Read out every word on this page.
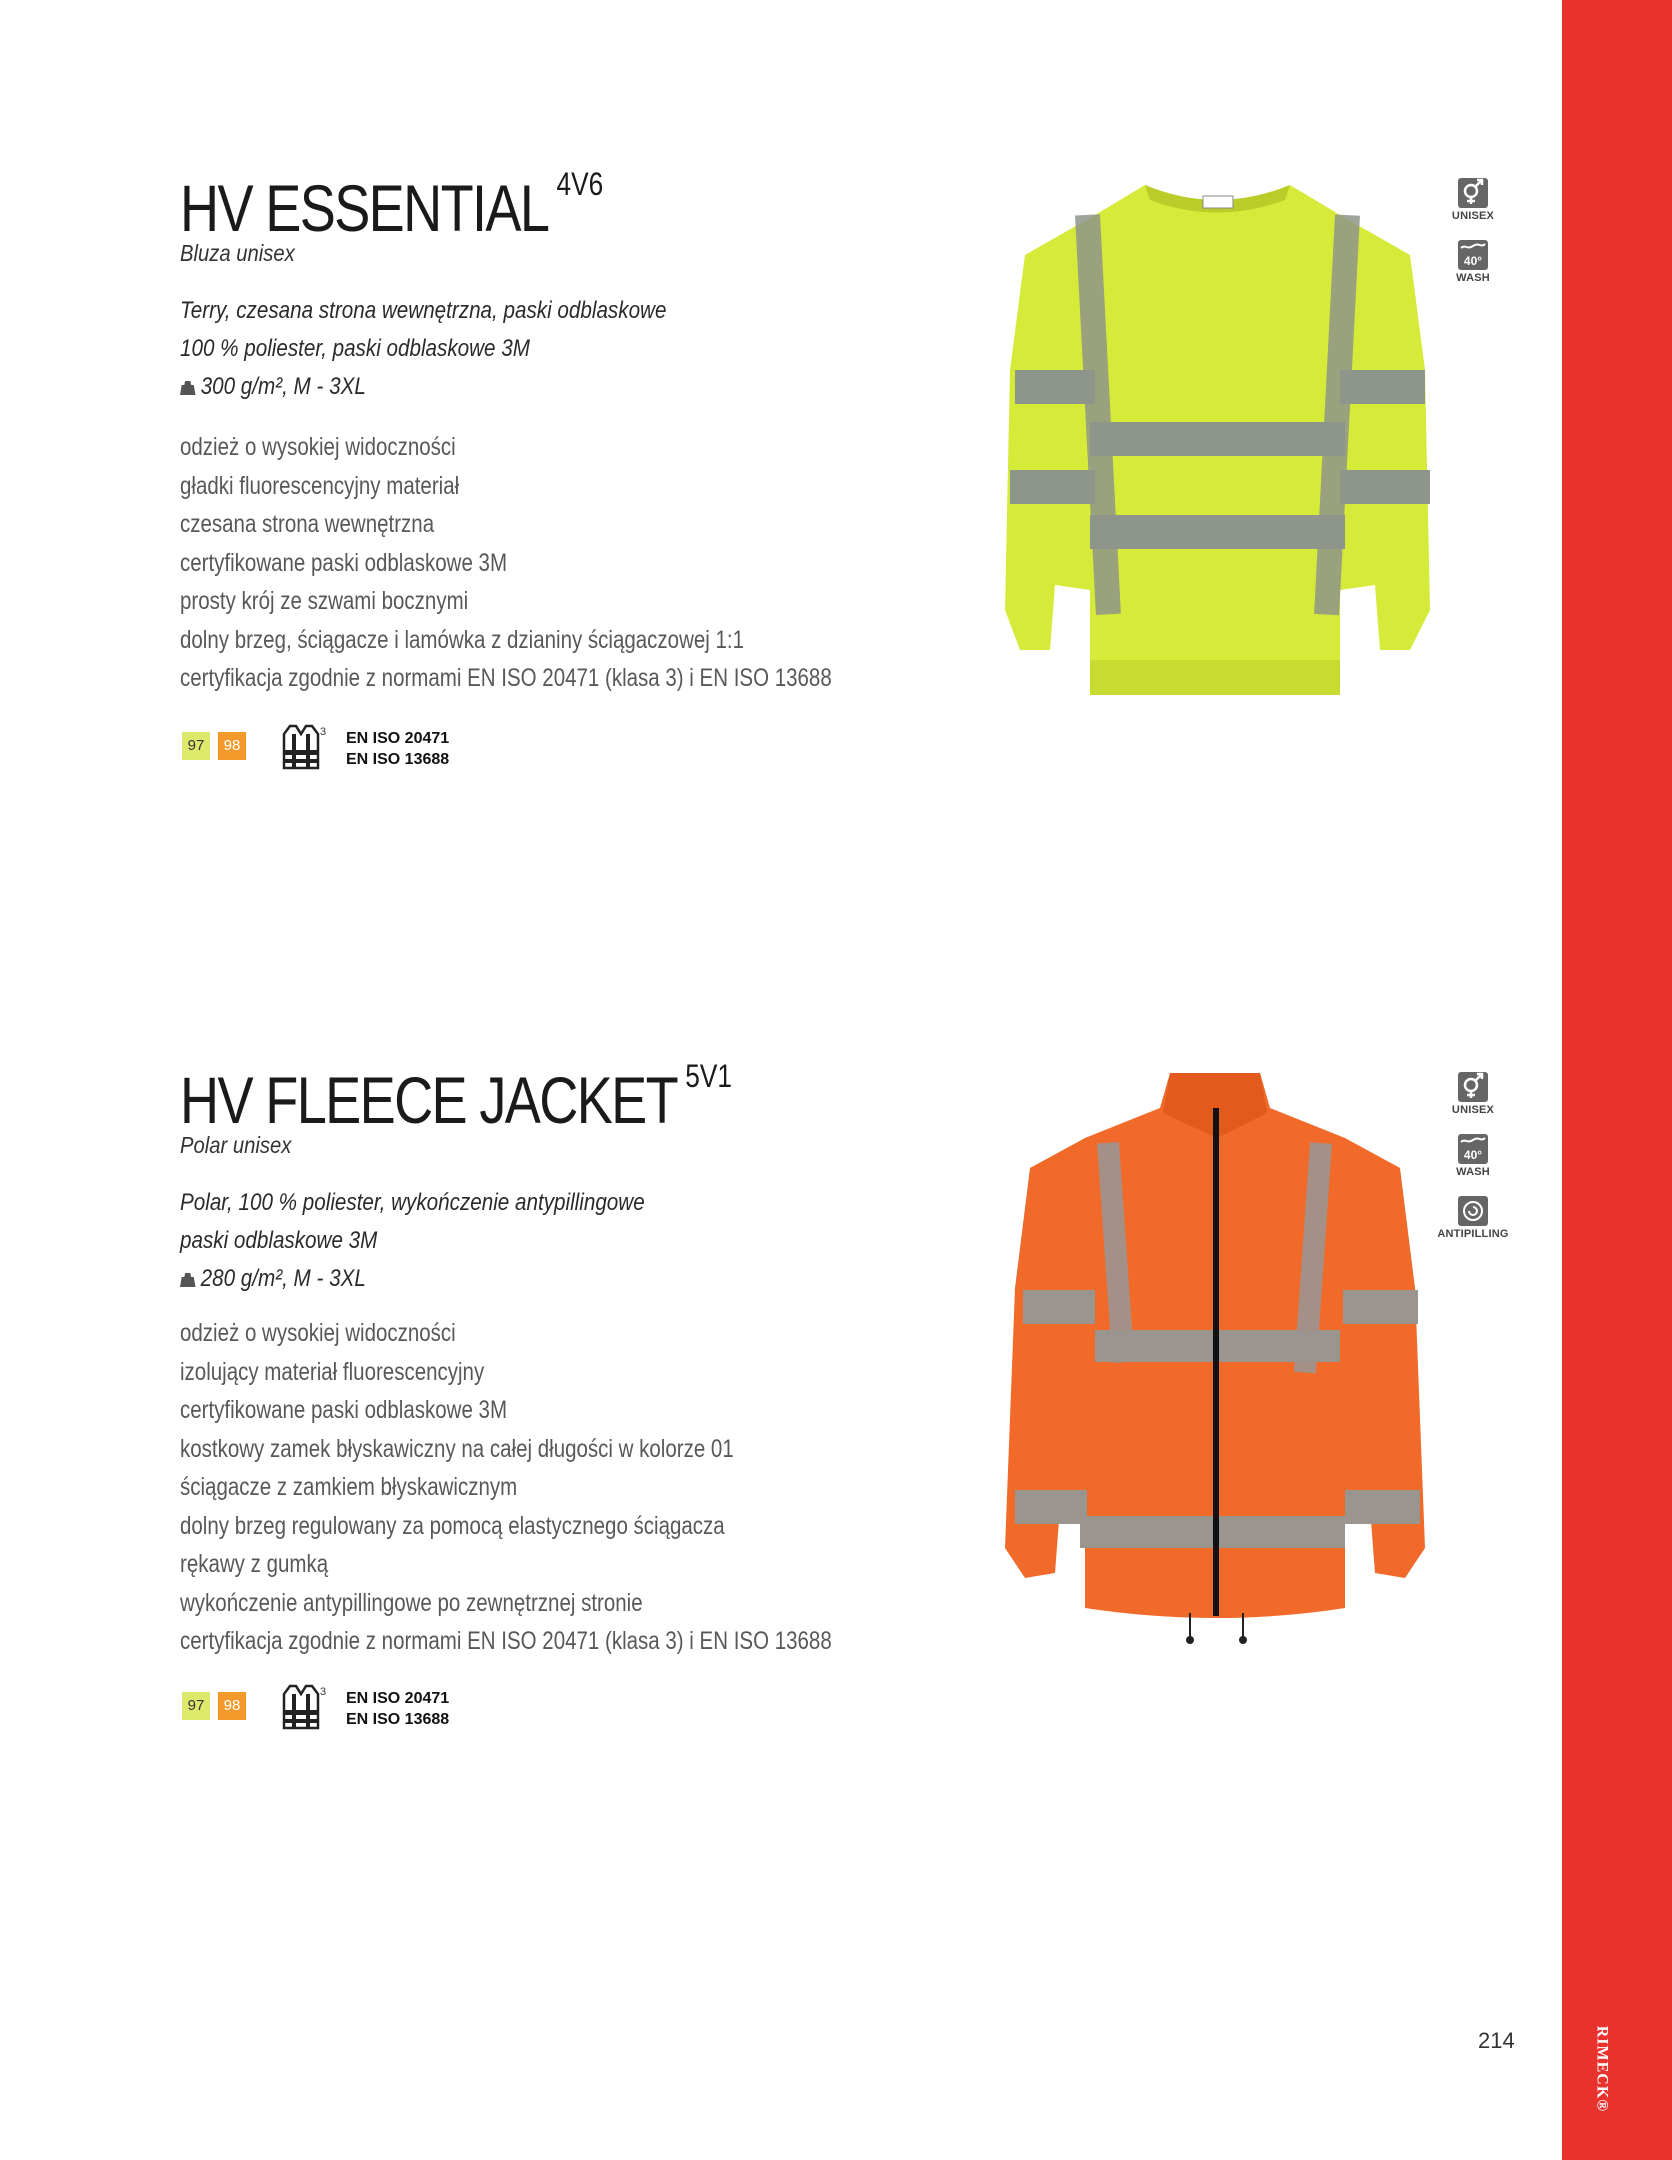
RIMECK®
214
HV ESSENTIAL $^{4V6}$
Bluza unisex
Terry, czesana strona wewnętrzna, paski odblaskowe
100 % poliester, paski odblaskowe 3M
300 g/m², M - 3XL
odzież o wysokiej widoczności
gładki fluorescencyjny materiał
czesana strona wewnętrzna
certyfikowane paski odblaskowe 3M
prosty krój ze szwami bocznymi
dolny brzeg, ściągacze i lamówka z dzianiny ściągaczowej 1:1
certyfikacja zgodnie z normami EN ISO 20471 (klasa 3) i EN ISO 13688
97	98
3 EN ISO 20471
EN ISO 13688
UNISEX
40°
WASH
HV FLEECE JACKET $^{5V1}$
Polar unisex
Polar, 100 % poliester, wykończenie antypillingowe
paski odblaskowe 3M
280 g/m², M - 3XL
odzież o wysokiej widoczności
izolujący materiał fluorescencyjny
certyfikowane paski odblaskowe 3M
kostkowy zamek błyskawiczny na całej długości w kolorze 01
ściągacze z zamkiem błyskawicznym
dolny brzeg regulowany za pomocą elastycznego ściągacza
rękawy z gumką
wykończenie antypillingowe po zewnętrznej stronie
certyfikacja zgodnie z normami EN ISO 20471 (klasa 3) i EN ISO 13688
97	98
3 EN ISO 20471
EN ISO 13688
UNISEX
40°
WASH
ANTIPILLING
